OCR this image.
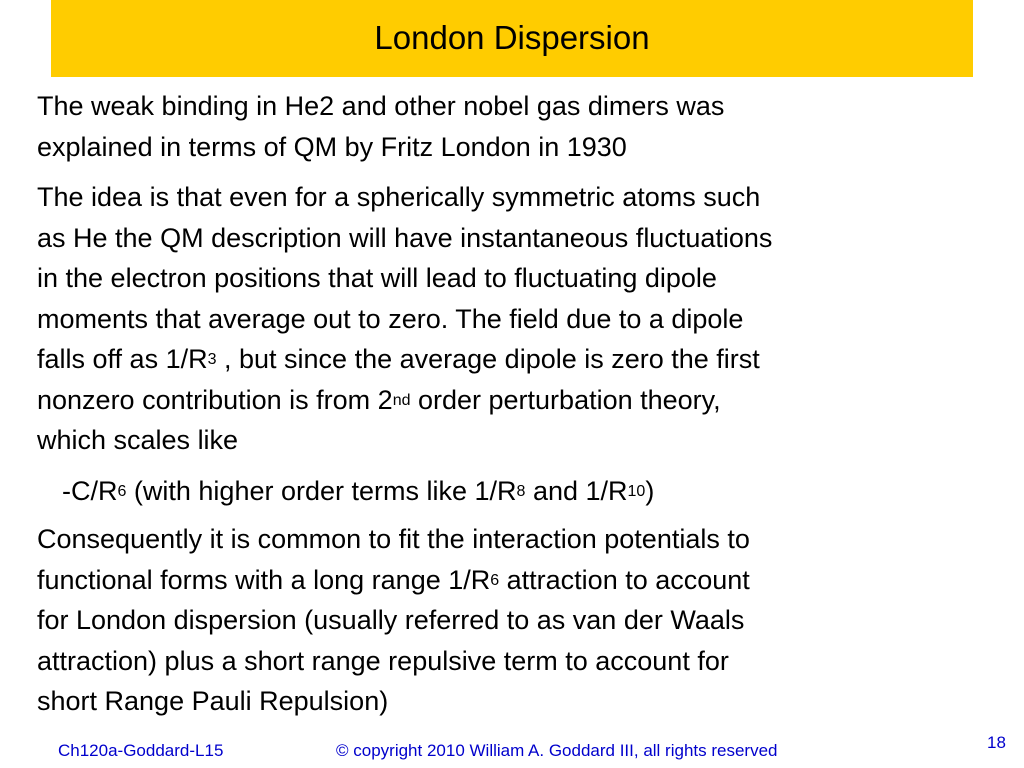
London Dispersion

The weak binding in He2 and other nobel gas dimers was
explained in terms of QM by Fritz London in 1930

The idea is that even for a spherically symmetric atoms such
as He the QM description will have instantaneous fluctuations
in the electron positions that will lead to fluctuating dipole
moments that average out to zero. The field due to a dipole
falls off as $1/R^3$ , but since the average dipole is zero the first
nonzero contribution is from 2nd order perturbation theory,
which scales like

$-C/R^6$ (with higher order terms like $1/R^8$ and $1/R^{10}$)

Consequently it is common to fit the interaction potentials to
functional forms with a long range $1/R^6$ attraction to account
for London dispersion (usually referred to as van der Waals
attraction) plus a short range repulsive term to account for
short Range Pauli Repulsion)

Ch120a-Goddard-L15	© copyright 2010 William A. Goddard III, all rights reserved	18
